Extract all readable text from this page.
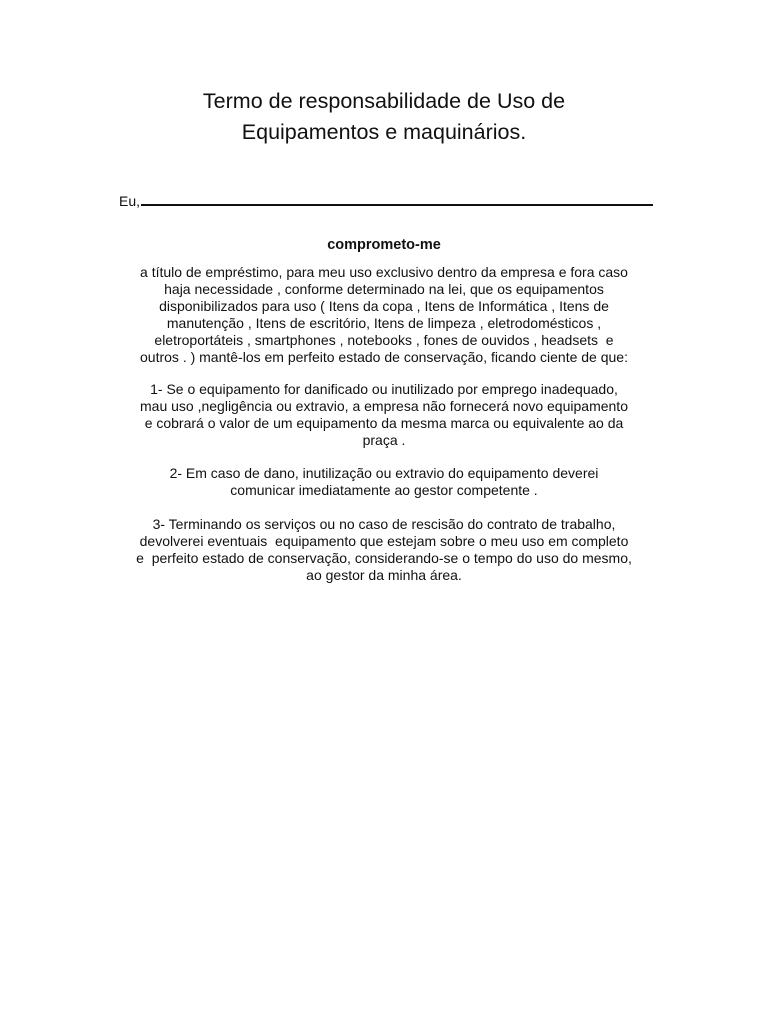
Termo de responsabilidade de Uso de
Equipamentos e maquinários.
Eu,
comprometo-me
a título de empréstimo, para meu uso exclusivo dentro da empresa e fora caso
haja necessidade , conforme determinado na lei, que os equipamentos
disponibilizados para uso ( Itens da copa , Itens de Informática , Itens de
manutenção , Itens de escritório, Itens de limpeza , eletrodomésticos ,
eletroportáteis , smartphones , notebooks , fones de ouvidos , headsets  e
outros . ) mantê-los em perfeito estado de conservação, ficando ciente de que:
1- Se o equipamento for danificado ou inutilizado por emprego inadequado,
mau uso ,negligência ou extravio, a empresa não fornecerá novo equipamento
e cobrará o valor de um equipamento da mesma marca ou equivalente ao da
praça .
2- Em caso de dano, inutilização ou extravio do equipamento deverei
comunicar imediatamente ao gestor competente .
3- Terminando os serviços ou no caso de rescisão do contrato de trabalho,
devolverei eventuais  equipamento que estejam sobre o meu uso em completo
e  perfeito estado de conservação, considerando-se o tempo do uso do mesmo,
ao gestor da minha área.
